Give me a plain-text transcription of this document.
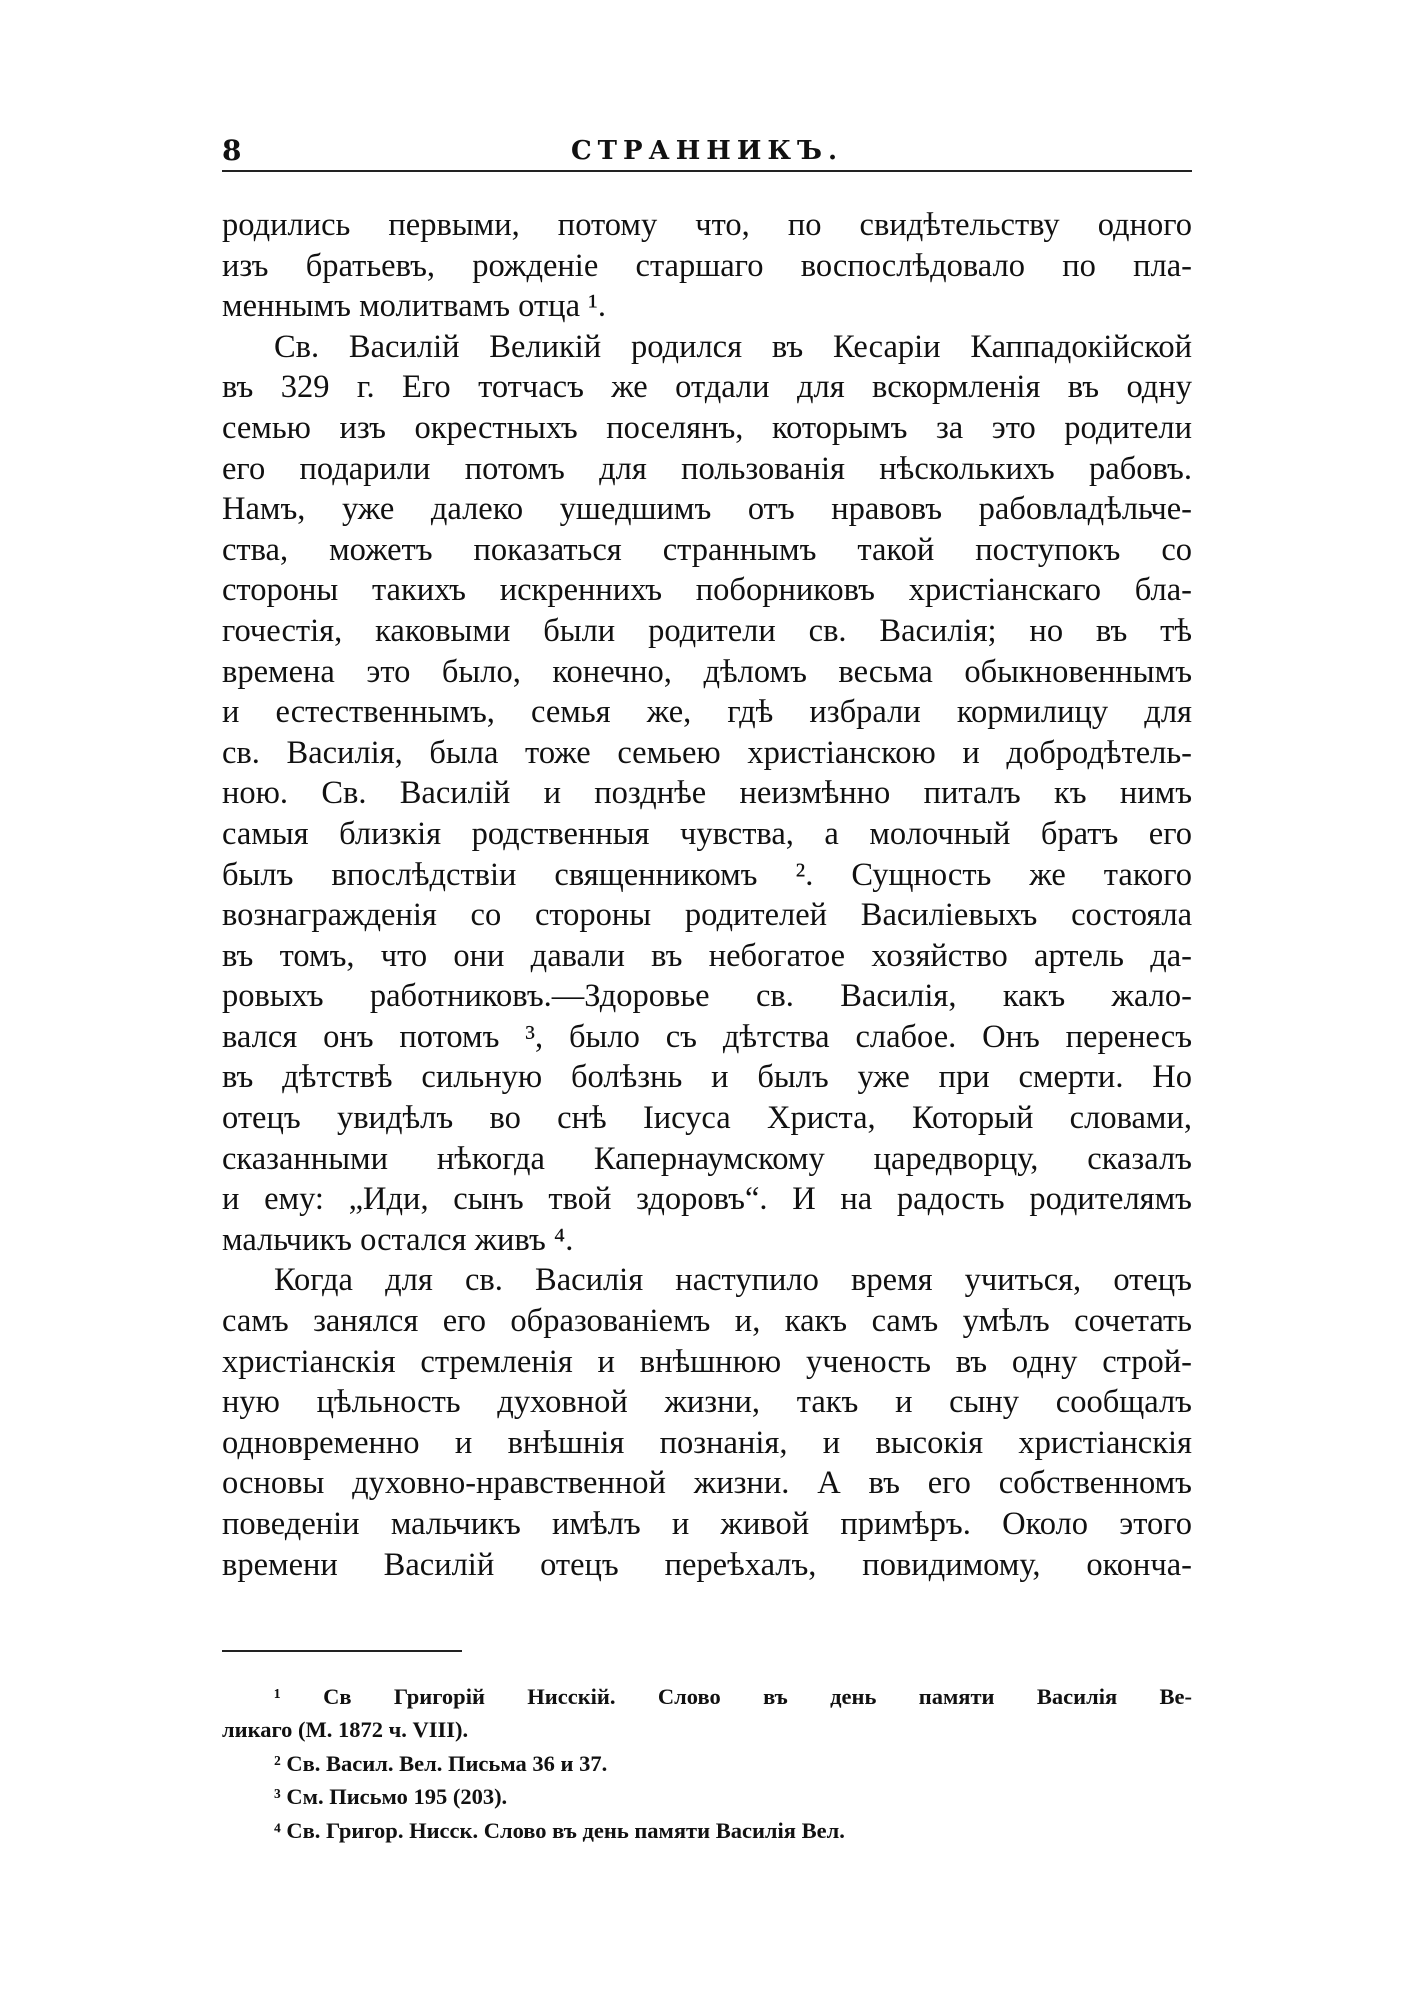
8	СТРАННИКЪ.
родились первыми, потому что, по свидѣтельству одного
изъ братьевъ, рожденіе старшаго воспослѣдовало по пла-
меннымъ молитвамъ отца ¹.
Св. Василій Великій родился въ Кесаріи Каппадокійской
въ 329 г. Его тотчасъ же отдали для вскормленія въ одну
семью изъ окрестныхъ поселянъ, которымъ за это родители
его подарили потомъ для пользованія нѣсколькихъ рабовъ.
Намъ, уже далеко ушедшимъ отъ нравовъ рабовладѣльче-
ства, можетъ показаться страннымъ такой поступокъ со
стороны такихъ искреннихъ поборниковъ христіанскаго бла-
гочестія, каковыми были родители св. Василія; но въ тѣ
времена это было, конечно, дѣломъ весьма обыкновеннымъ
и естественнымъ, семья же, гдѣ избрали кормилицу для
св. Василія, была тоже семьею христіанскою и добродѣтель-
ною. Св. Василій и позднѣе неизмѣнно питалъ къ нимъ
самыя близкія родственныя чувства, а молочный братъ его
былъ впослѣдствіи священникомъ ². Сущность же такого
вознагражденія со стороны родителей Василіевыхъ состояла
въ томъ, что они давали въ небогатое хозяйство артель да-
ровыхъ работниковъ.—Здоровье св. Василія, какъ жало-
вался онъ потомъ ³, было съ дѣтства слабое. Онъ перенесъ
въ дѣтствѣ сильную болѣзнь и былъ уже при смерти. Но
отецъ увидѣлъ во снѣ Іисуса Христа, Который словами,
сказанными нѣкогда Капернаумскому царедворцу, сказалъ
и ему: „Иди, сынъ твой здоровъ“. И на радость родителямъ
мальчикъ остался живъ ⁴.
Когда для св. Василія наступило время учиться, отецъ
самъ занялся его образованіемъ и, какъ самъ умѣлъ сочетать
христіанскія стремленія и внѣшнюю ученость въ одну строй-
ную цѣльность духовной жизни, такъ и сыну сообщалъ
одновременно и внѣшнія познанія, и высокія христіанскія
основы духовно-нравственной жизни. А въ его собственномъ
поведеніи мальчикъ имѣлъ и живой примѣръ. Около этого
времени Василій отецъ переѣхалъ, повидимому, оконча-
¹ Св Григорій Нисскій. Слово въ день памяти Василія Ве-
ликаго (М. 1872 ч. VIII).
² Св. Васил. Вел. Письма 36 и 37.
³ См. Письмо 195 (203).
⁴ Св. Григор. Нисск. Слово въ день памяти Василія Вел.
